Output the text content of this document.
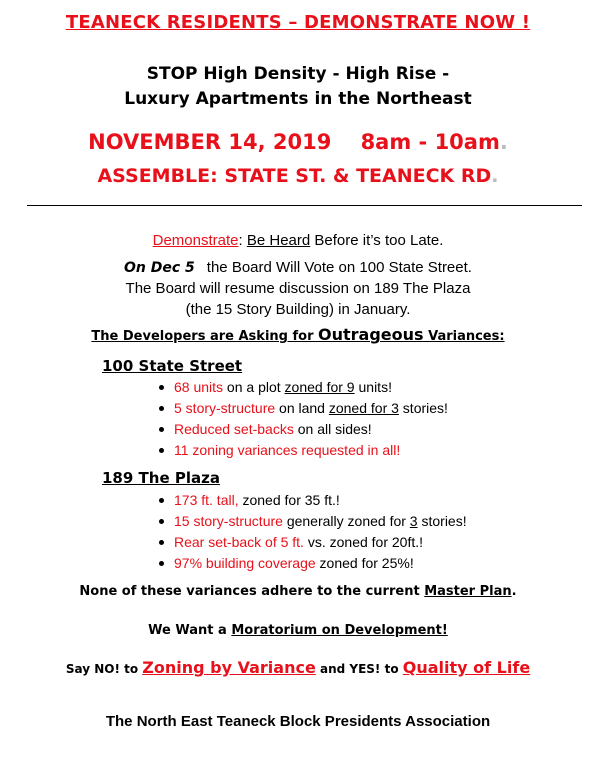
TEANECK RESIDENTS – DEMONSTRATE NOW !
STOP High Density - High Rise -
Luxury Apartments in the Northeast
NOVEMBER 14, 2019 8am - 10am.
ASSEMBLE: STATE ST. & TEANECK RD.
Demonstrate: Be Heard Before it’s too Late.
On Dec 5 the Board Will Vote on 100 State Street.
The Board will resume discussion on 189 The Plaza
(the 15 Story Building) in January.
The Developers are Asking for Outrageous Variances:
100 State Street
68 units on a plot zoned for 9 units!
5 story-structure on land zoned for 3 stories!
Reduced set-backs on all sides!
11 zoning variances requested in all!
189 The Plaza
173 ft. tall, zoned for 35 ft.!
15 story-structure generally zoned for 3 stories!
Rear set-back of 5 ft. vs. zoned for 20ft.!
97% building coverage zoned for 25%!
None of these variances adhere to the current Master Plan.
We Want a Moratorium on Development!
Say NO! to Zoning by Variance and YES! to Quality of Life
The North East Teaneck Block Presidents Association
